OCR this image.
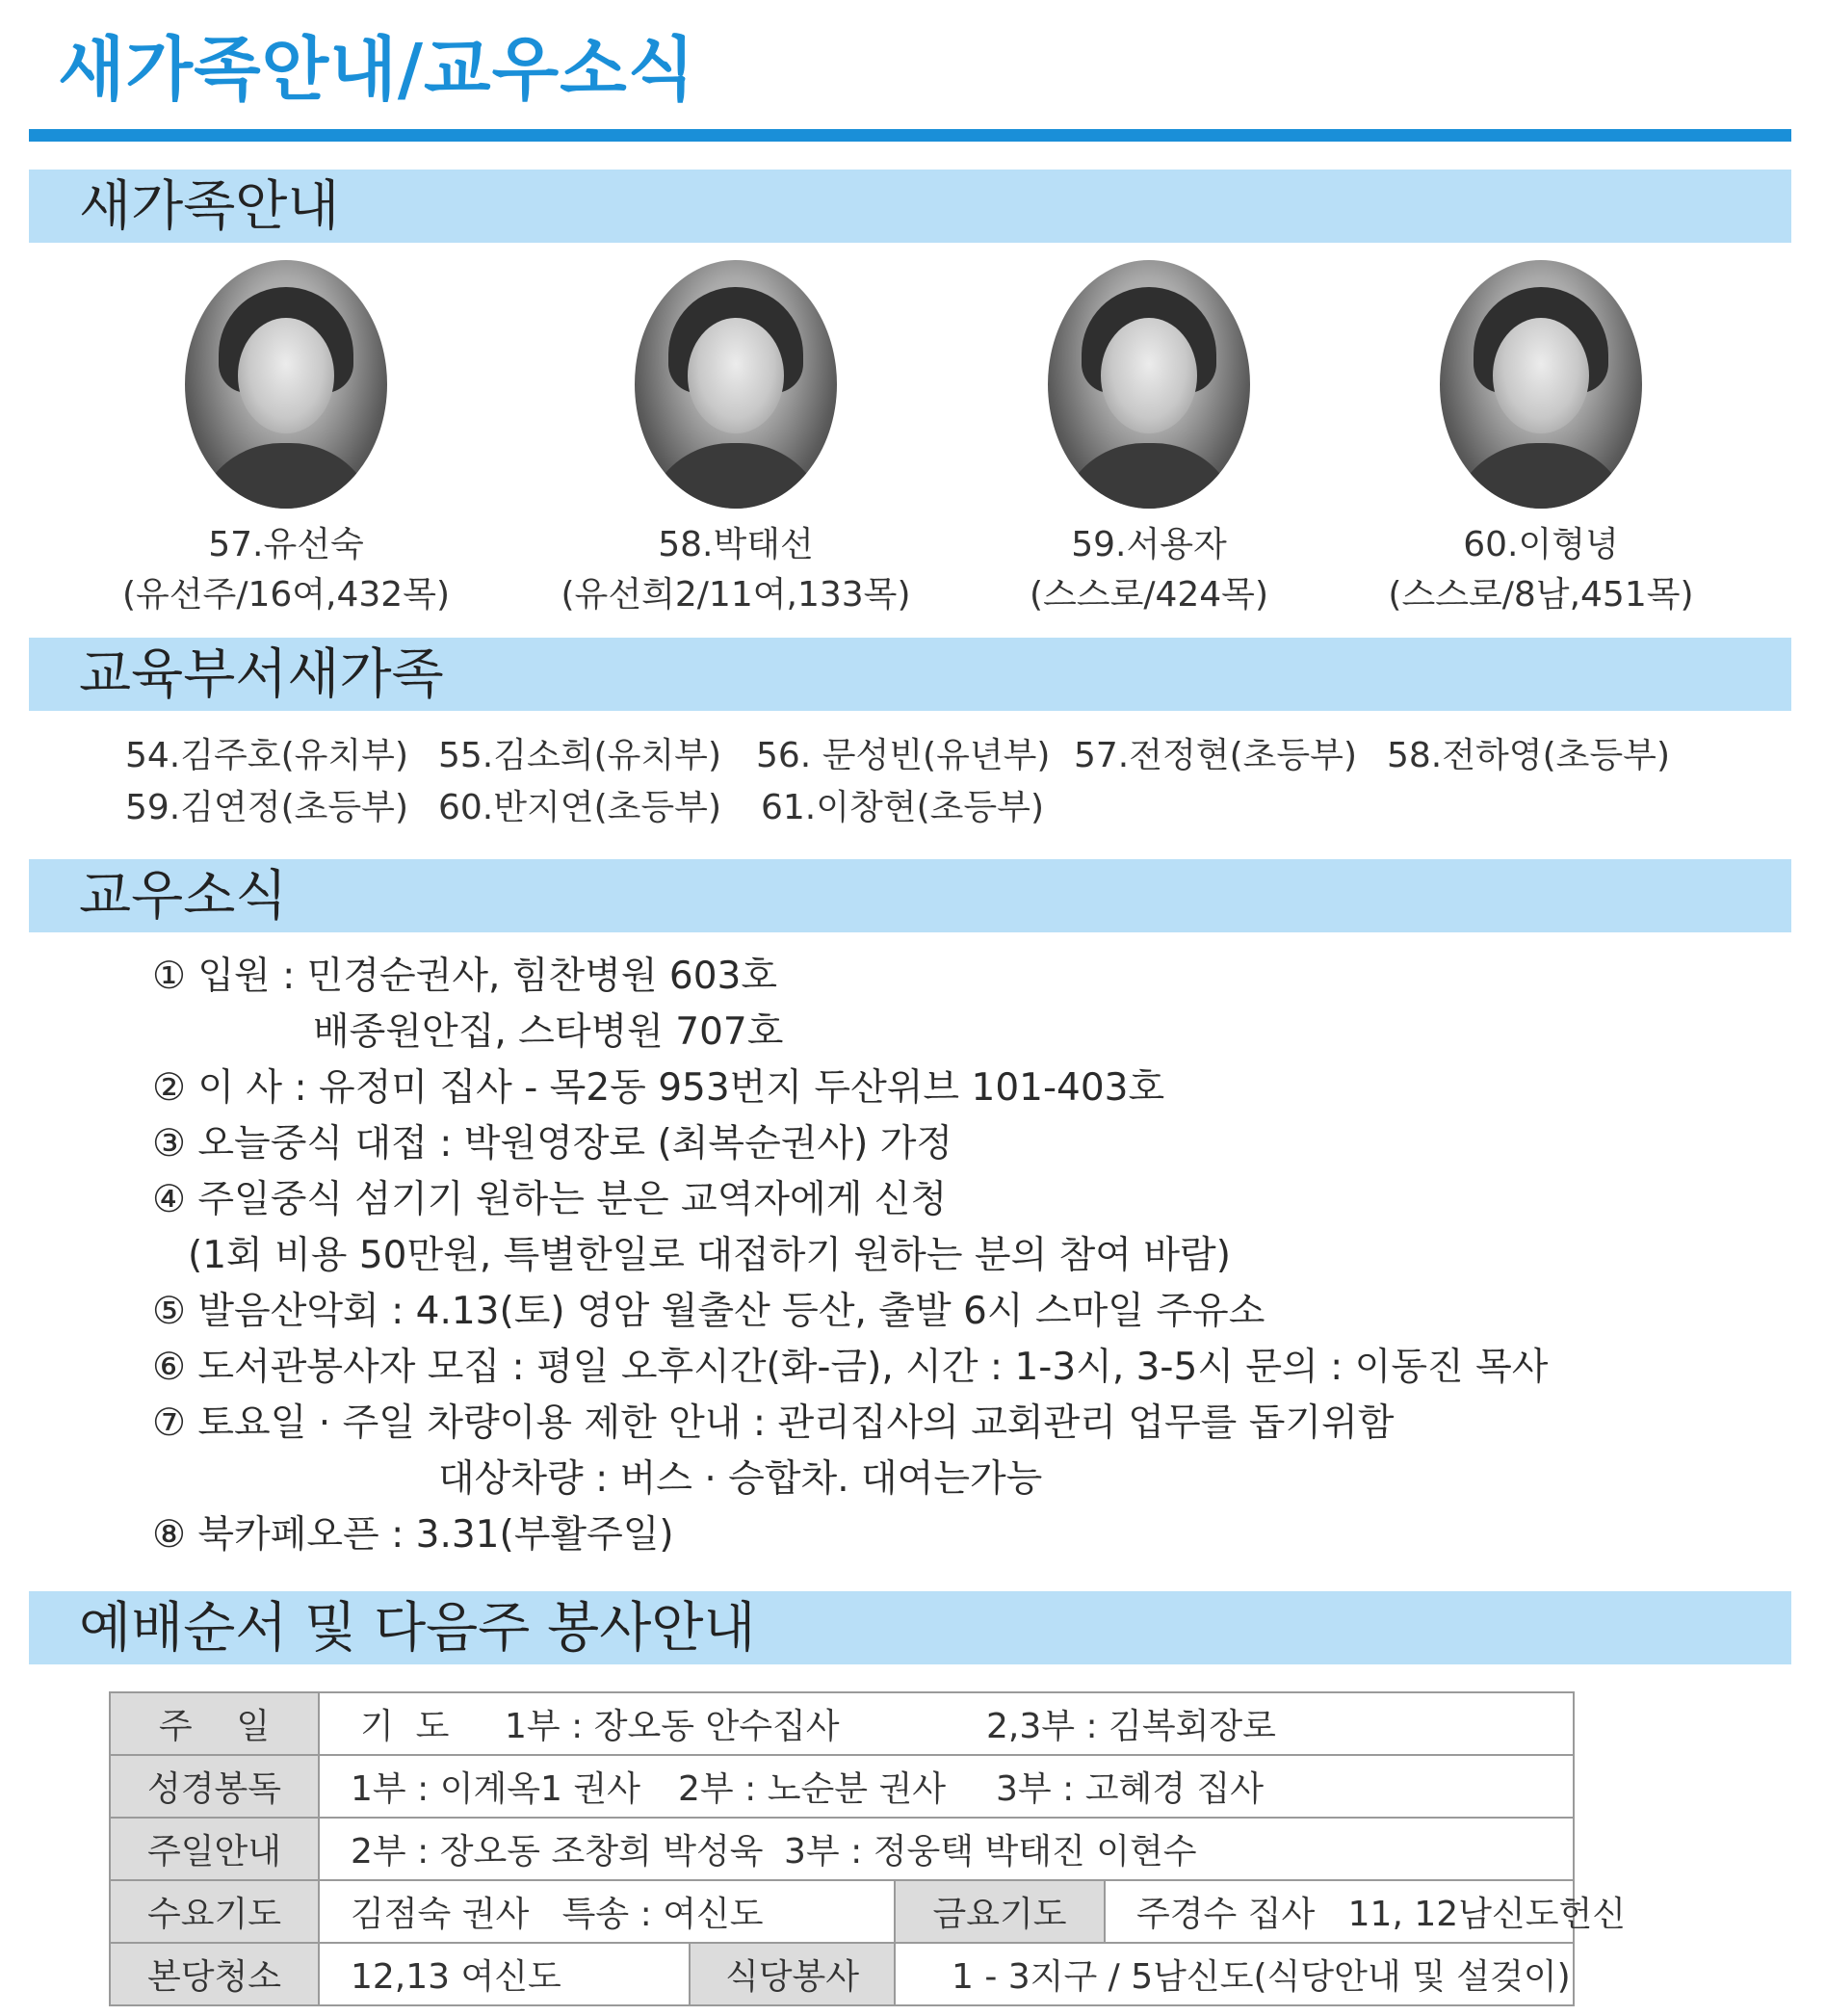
새가족안내/교우소식
새가족안내
57.유선숙
(유선주/16여,432목)
58.박태선
(유선희2/11여,133목)
59.서용자
(스스로/424목)
60.이형녕
(스스로/8남,451목)
교육부서새가족
54.김주호(유치부) 55.김소희(유치부) 56. 문성빈(유년부) 57.전정현(초등부) 58.전하영(초등부)
59.김연정(초등부) 60.반지연(초등부) 61.이창현(초등부)
교우소식
① 입원 : 민경순권사, 힘찬병원 603호
배종원안집, 스타병원 707호
② 이 사 : 유정미 집사 - 목2동 953번지 두산위브 101-403호
③ 오늘중식 대접 : 박원영장로 (최복순권사) 가정
④ 주일중식 섬기기 원하는 분은 교역자에게 신청
(1회 비용 50만원, 특별한일로 대접하기 원하는 분의 참여 바람)
⑤ 발음산악회 : 4.13(토) 영암 월출산 등산, 출발 6시 스마일 주유소
⑥ 도서관봉사자 모집 : 평일 오후시간(화-금), 시간 : 1-3시, 3-5시 문의 : 이동진 목사
⑦ 토요일 · 주일 차량이용 제한 안내 : 관리집사의 교회관리 업무를 돕기위함
대상차량 : 버스 · 승합차. 대여는가능
⑧ 북카페오픈 : 3.31(부활주일)
예배순서 및 다음주 봉사안내
주    일	기  도 1부 : 장오동 안수집사 2,3부 : 김복회장로			
성경봉독	1부 : 이계옥1 권사 2부 : 노순분 권사 3부 : 고혜경 집사			
주일안내	2부 : 장오동 조창희 박성욱 3부 : 정웅택 박태진 이현수			
수요기도	김점숙 권사   특송 : 여신도		금요기도	주경수 집사   11, 12남신도헌신
본당청소	12,13 여신도	식당봉사	1 - 3지구 / 5남신도(식당안내 및 설겆이)	
